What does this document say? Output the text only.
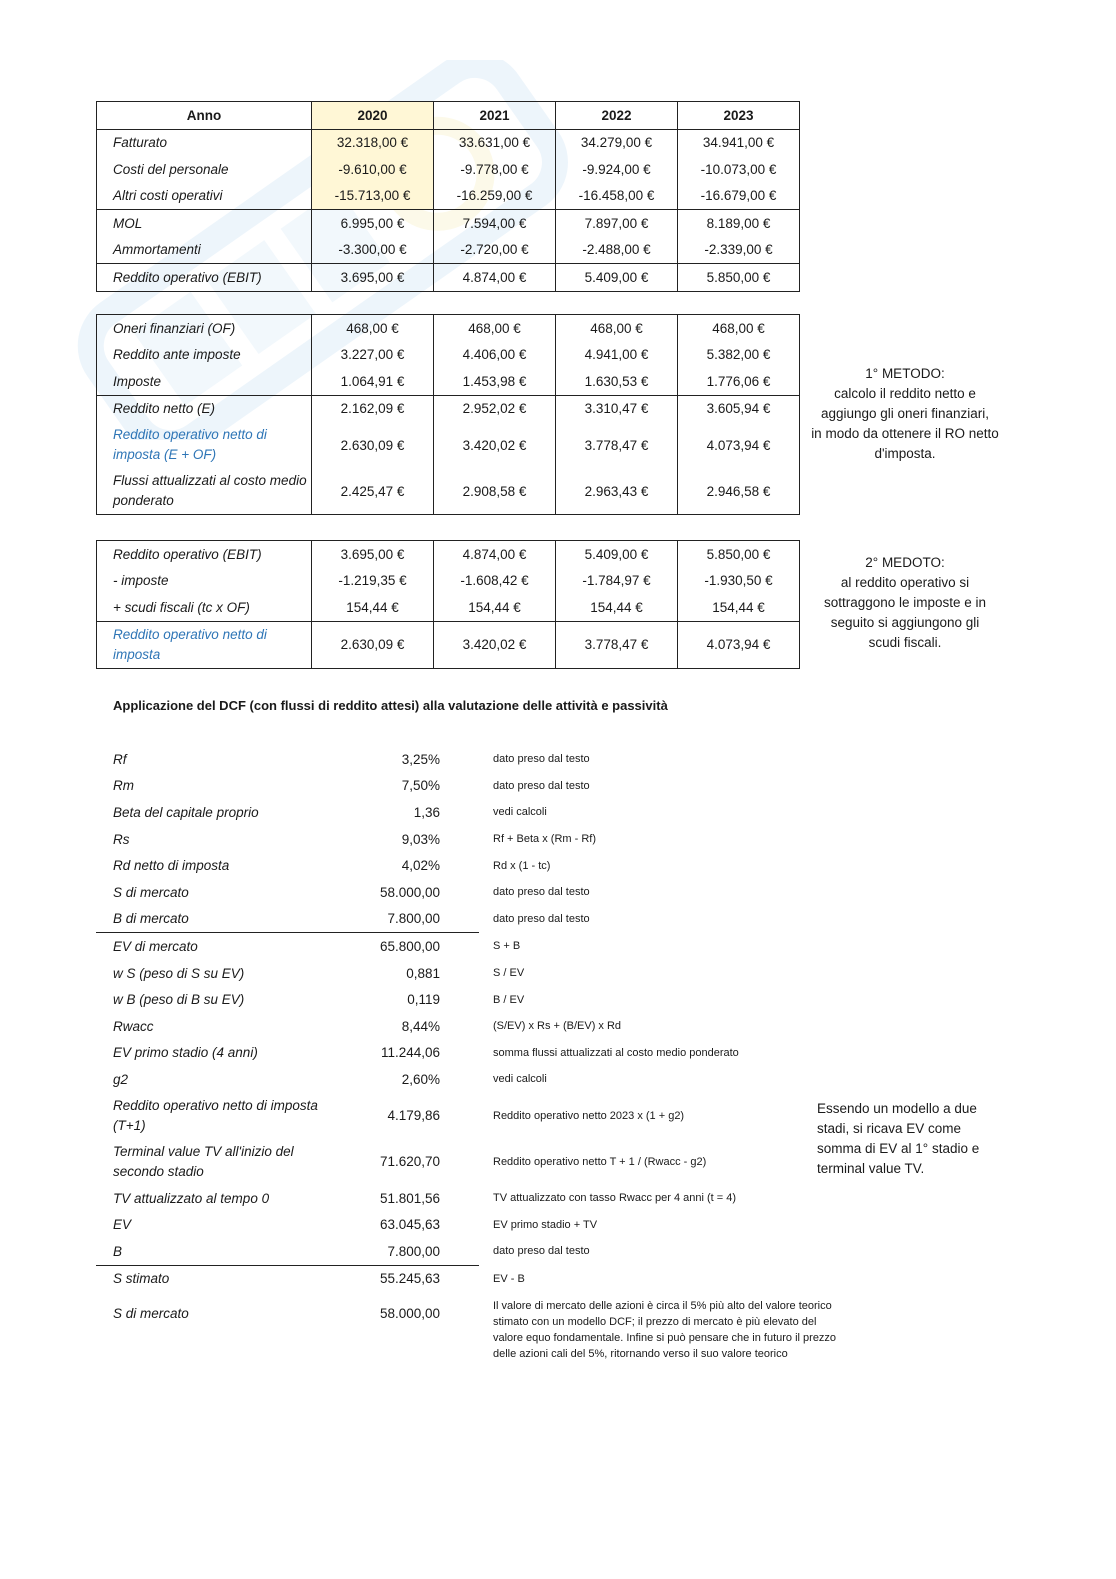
Anno	2020	2021	2022	2023
Fatturato	32.318,00 €	33.631,00 €	34.279,00 €	34.941,00 €
Costi del personale	-9.610,00 €	-9.778,00 €	-9.924,00 €	-10.073,00 €
Altri costi operativi	-15.713,00 €	-16.259,00 €	-16.458,00 €	-16.679,00 €
MOL	6.995,00 €	7.594,00 €	7.897,00 €	8.189,00 €
Ammortamenti	-3.300,00 €	-2.720,00 €	-2.488,00 €	-2.339,00 €
Reddito operativo (EBIT)	3.695,00 €	4.874,00 €	5.409,00 €	5.850,00 €
Oneri finanziari (OF)	468,00 €	468,00 €	468,00 €	468,00 €
Reddito ante imposte	3.227,00 €	4.406,00 €	4.941,00 €	5.382,00 €
Imposte	1.064,91 €	1.453,98 €	1.630,53 €	1.776,06 €
Reddito netto (E)	2.162,09 €	2.952,02 €	3.310,47 €	3.605,94 €
Reddito operativo netto di imposta (E + OF)	2.630,09 €	3.420,02 €	3.778,47 €	4.073,94 €
Flussi attualizzati al costo medio ponderato	2.425,47 €	2.908,58 €	2.963,43 €	2.946,58 €
1° METODO:
calcolo il reddito netto e
aggiungo gli oneri finanziari,
in modo da ottenere il RO netto
d'imposta.
Reddito operativo (EBIT)	3.695,00 €	4.874,00 €	5.409,00 €	5.850,00 €
- imposte	-1.219,35 €	-1.608,42 €	-1.784,97 €	-1.930,50 €
+ scudi fiscali (tc x OF)	154,44 €	154,44 €	154,44 €	154,44 €
Reddito operativo netto di imposta	2.630,09 €	3.420,02 €	3.778,47 €	4.073,94 €
2° MEDOTO:
al reddito operativo si
sottraggono le imposte e in
seguito si aggiungono gli
scudi fiscali.
Applicazione del DCF (con flussi di reddito attesi) alla valutazione delle attività e passività
Rf	3,25%	dato preso dal testo
Rm	7,50%	dato preso dal testo
Beta del capitale proprio	1,36	vedi calcoli
Rs	9,03%	Rf + Beta x (Rm - Rf)
Rd netto di imposta	4,02%	Rd x (1 - tc)
S di mercato	58.000,00	dato preso dal testo
B di mercato	7.800,00	dato preso dal testo
EV di mercato	65.800,00	S + B
w S (peso di S su EV)	0,881	S / EV
w B (peso di B su EV)	0,119	B / EV
Rwacc	8,44%	(S/EV) x Rs + (B/EV) x Rd
EV primo stadio (4 anni)	11.244,06	somma flussi attualizzati al costo medio ponderato
g2	2,60%	vedi calcoli
Reddito operativo netto di imposta (T+1)	4.179,86	Reddito operativo netto 2023 x (1 + g2)
Terminal value TV all'inizio del secondo stadio	71.620,70	Reddito operativo netto T + 1 / (Rwacc - g2)
TV attualizzato al tempo 0	51.801,56	TV attualizzato con tasso Rwacc per 4 anni (t = 4)
EV	63.045,63	EV primo stadio + TV
B	7.800,00	dato preso dal testo
S stimato	55.245,63	EV - B
S di mercato	58.000,00	Il valore di mercato delle azioni è circa il 5% più alto del valore teorico stimato con un modello DCF; il prezzo di mercato è più elevato del valore equo fondamentale. Infine si può pensare che in futuro il prezzo delle azioni cali del 5%, ritornando verso il suo valore teorico
Essendo un modello a due
stadi, si ricava EV come
somma di EV al 1° stadio e
terminal value TV.
